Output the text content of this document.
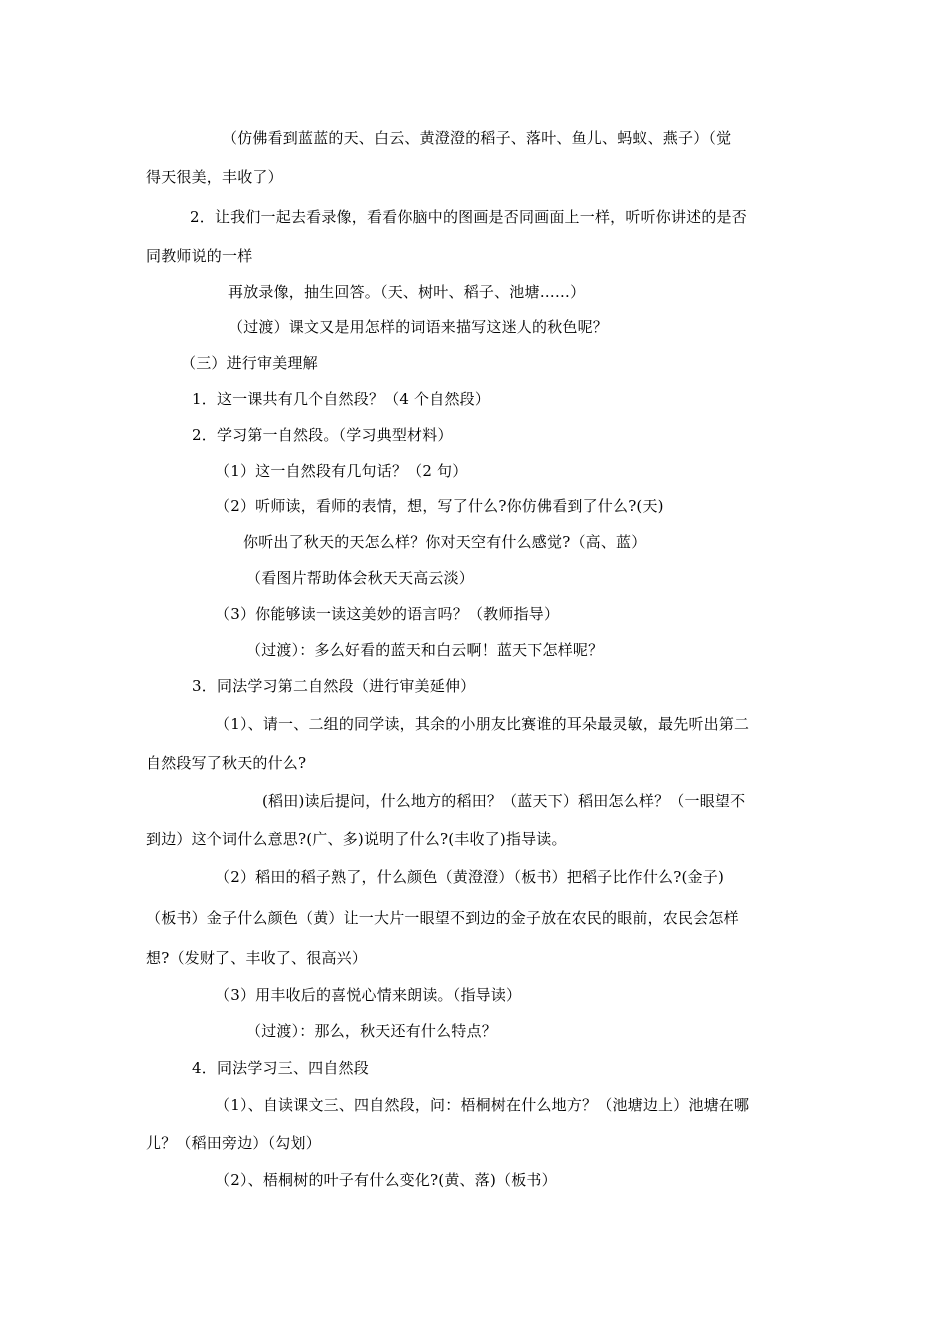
（仿佛看到蓝蓝的天、白云、黄澄澄的稻子、落叶、鱼儿、蚂蚁、燕子）（觉
得天很美，丰收了）
2．让我们一起去看录像，看看你脑中的图画是否同画面上一样，听听你讲述的是否
同教师说的一样
再放录像，抽生回答。（天、树叶、稻子、池塘……）
（过渡）课文又是用怎样的词语来描写这迷人的秋色呢？
（三）进行审美理解
1．这一课共有几个自然段？（4 个自然段）
2．学习第一自然段。（学习典型材料）
（1）这一自然段有几句话？（2 句）
（2）听师读，看师的表情，想，写了什么?你仿佛看到了什么?(天)
你听出了秋天的天怎么样？你对天空有什么感觉?（高、蓝）
（看图片帮助体会秋天天高云淡）
（3）你能够读一读这美妙的语言吗？（教师指导）
（过渡）：多么好看的蓝天和白云啊！蓝天下怎样呢？
3．同法学习第二自然段（进行审美延伸）
（1）、请一、二组的同学读，其余的小朋友比赛谁的耳朵最灵敏，最先听出第二
自然段写了秋天的什么?
(稻田)读后提问，什么地方的稻田？（蓝天下）稻田怎么样？（一眼望不
到边）这个词什么意思?(广、多)说明了什么?(丰收了)指导读。
（2）稻田的稻子熟了，什么颜色（黄澄澄）（板书）把稻子比作什么?(金子)
（板书）金子什么颜色（黄）让一大片一眼望不到边的金子放在农民的眼前，农民会怎样
想?（发财了、丰收了、很高兴）
（3）用丰收后的喜悦心情来朗读。（指导读）
（过渡）：那么，秋天还有什么特点？
4．同法学习三、四自然段
（1）、自读课文三、四自然段，问：梧桐树在什么地方？（池塘边上）池塘在哪
儿？（稻田旁边）（勾划）
（2）、梧桐树的叶子有什么变化?(黄、落)（板书）
